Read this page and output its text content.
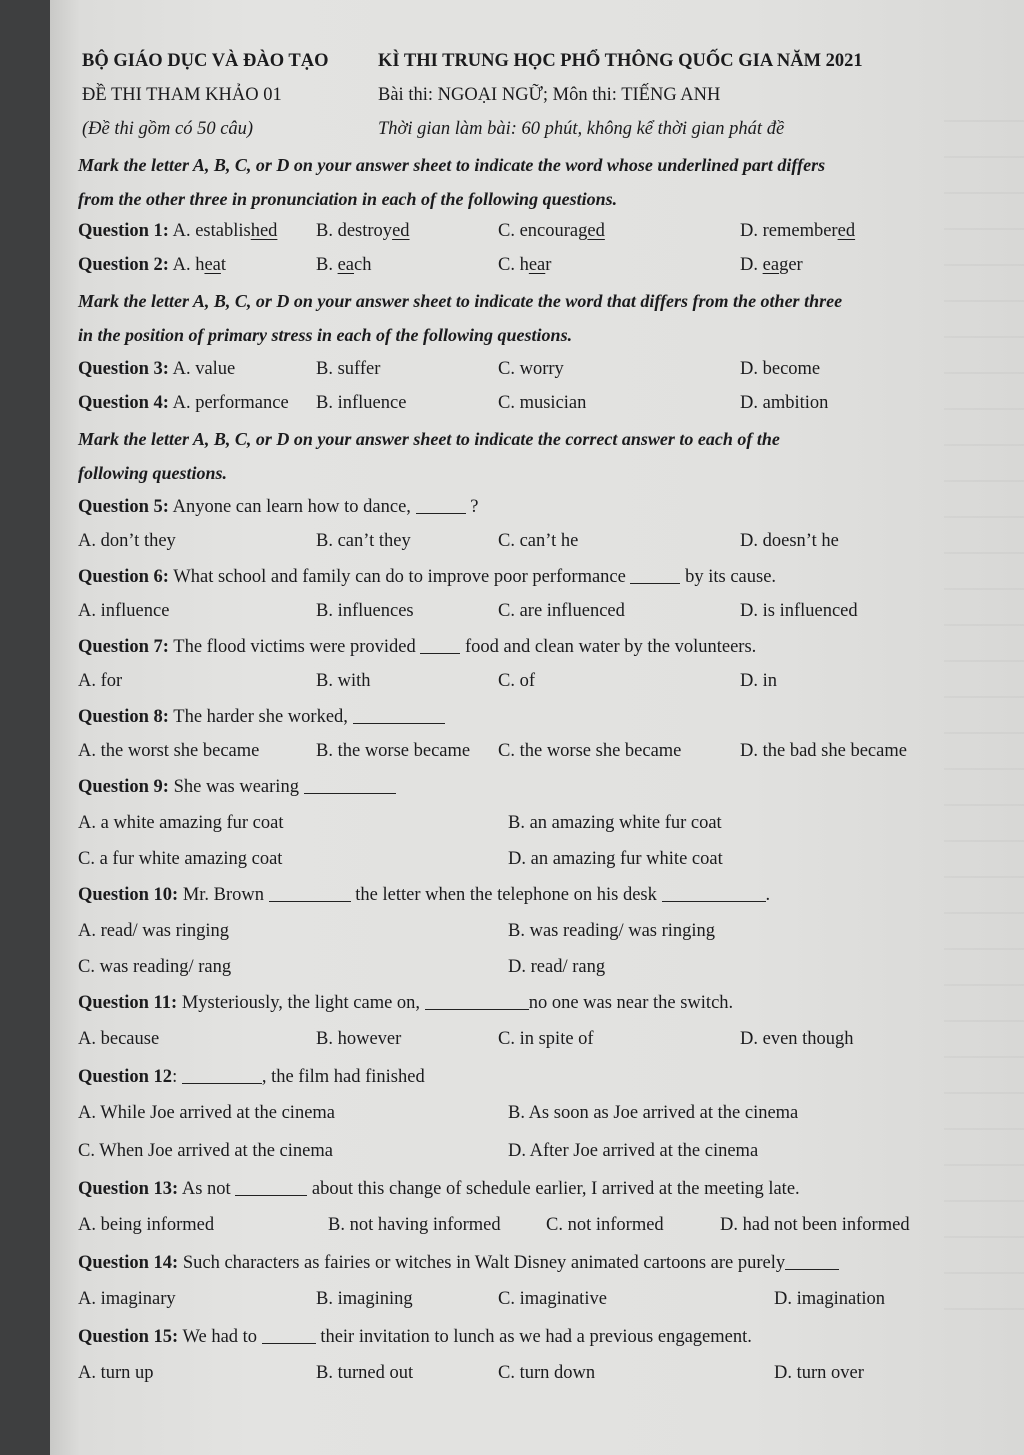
BỘ GIÁO DỤC VÀ ĐÀO TẠO	KÌ THI TRUNG HỌC PHỔ THÔNG QUỐC GIA NĂM 2021
ĐỀ THI THAM KHẢO 01	Bài thi: NGOẠI NGỮ; Môn thi: TIẾNG ANH
(Đề thi gồm có 50 câu)	Thời gian làm bài: 60 phút, không kể thời gian phát đề
Mark the letter A, B, C, or D on your answer sheet to indicate the word whose underlined part differs
from the other three in pronunciation in each of the following questions.
Question 1: A. established B. destroyed	C. encouraged	D. remembered
Question 2: A. heat	B. each	C. hear	D. eager
Mark the letter A, B, C, or D on your answer sheet to indicate the word that differs from the other three
in the position of primary stress in each of the following questions.
Question 3: A. value	B. suffer	C. worry	D. become
Question 4: A. performance B. influence	C. musician	D. ambition
Mark the letter A, B, C, or D on your answer sheet to indicate the correct answer to each of the
following questions.
Question 5: Anyone can learn how to dance,	?
A. don’t they	B. can’t they	C. can’t he	D. doesn’t he
Question 6: What school and family can do to improve poor performance	by its cause.
A. influence	B. influences	C. are influenced	D. is influenced
Question 7: The flood victims were provided	food and clean water by the volunteers.
A. for	B. with	C. of	D. in
Question 8: The harder she worked,
A. the worst she became	B. the worse became C. the worse she became	D. the bad she became
Question 9: She was wearing
A. a white amazing fur coat	B. an amazing white fur coat
C. a fur white amazing coat	D. an amazing fur white coat
Question 10: Mr. Brown	the letter when the telephone on his desk	.
A. read/ was ringing	B. was reading/ was ringing
C. was reading/ rang	D. read/ rang
Question 11: Mysteriously, the light came on,	no one was near the switch.
A. because	B. however	C. in spite of	D. even though
Question 12:	, the film had finished
A. While Joe arrived at the cinema	B. As soon as Joe arrived at the cinema
C. When Joe arrived at the cinema	D. After Joe arrived at the cinema
Question 13: As not	about this change of schedule earlier, I arrived at the meeting late.
A. being informed	B. not having informed C. not informed	D. had not been informed
Question 14: Such characters as fairies or witches in Walt Disney animated cartoons are purely
A. imaginary	B. imagining	C. imaginative	D. imagination
Question 15: We had to	their invitation to lunch as we had a previous engagement.
A. turn up	B. turned out	C. turn down	D. turn over
